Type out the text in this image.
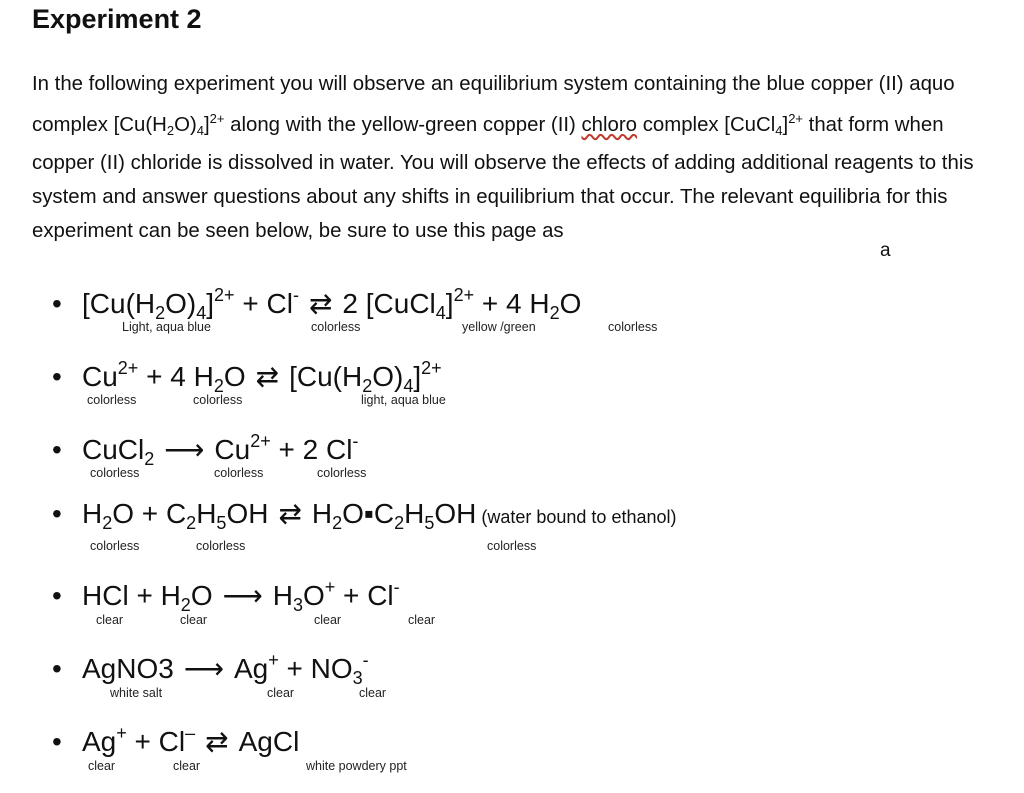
Experiment 2

In the following experiment you will observe an equilibrium system containing the blue copper (II) aquo complex $[Cu(H_2O)_4]^{2+}$ along with the yellow-green copper (II) chloro complex [CuCl$_4$]$^{2+}$ that form when copper (II) chloride is dissolved in water. You will observe the effects of adding additional reagents to this system and answer questions about any shifts in equilibrium that occur. The relevant equilibria for this experiment can be seen below, be sure to use this page as

a
• $[Cu(H_2O)_4]^{2+} + Cl^-$ ⇄ 2 [CuCl$_4$]$^{2+}$ + 4 $H_2O$
Light, aqua blue	colorless	yellow /green	colorless
• $Cu^{2+} + 4$ $H_2O$ ⇄ $[Cu(H_2O)_4]^{2+}$
colorless	colorless	light, aqua blue
• CuCl$_2$ ⟶ $Cu^{2+} + 2$ Cl-
colorless	colorless	colorless
• $H_2O + C_2H_5OH$ ⇄ $H_2O▪C_2H_5OH$ (water bound to ethanol)
colorless	colorless	colorless
• HCl + $H_2O$ ⟶ $H_3O^+ + Cl^-$
clear	clear	clear	clear
• AgNO3 ⟶ $Ag^+ + NO_3^-$
white salt	clear	clear
• Ag+ + Cl– ⇄ AgCl
clear	clear	white powdery ppt
